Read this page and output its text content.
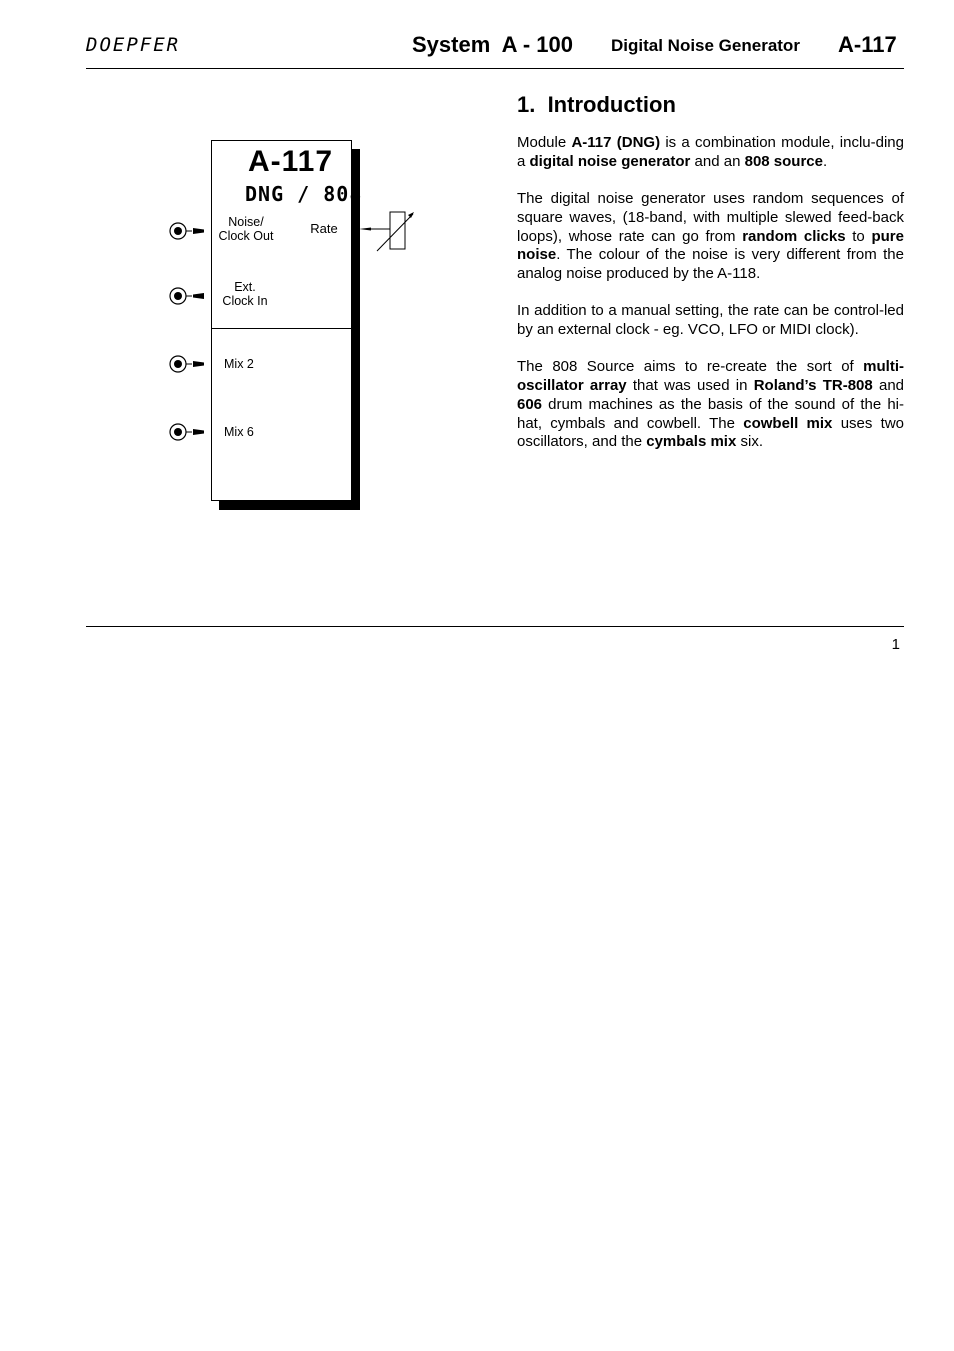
DOEPFER	System  A - 100 Digital Noise Generator A-117
A-117
DNG / 808
Noise/
Clock Out	Rate
Ext.
Clock In
Mix 2
Mix 6
1.  Introduction

Module A-117 (DNG) is a combination module, inclu-ding a digital noise generator and an 808 source.

The digital noise generator uses random sequences of square waves, (18-band, with multiple slewed feed-back loops), whose rate can go from random clicks to pure noise. The colour of the noise is very different from the analog noise produced by the A-118.

In addition to a manual setting, the rate can be control-led by an external clock - eg. VCO, LFO or MIDI clock).

The 808 Source aims to re-create the sort of multi-oscillator array that was used in Roland’s TR-808 and 606 drum machines as the basis of the sound of the hi-hat, cymbals and cowbell. The cowbell mix uses two oscillators, and the cymbals mix six.

1
